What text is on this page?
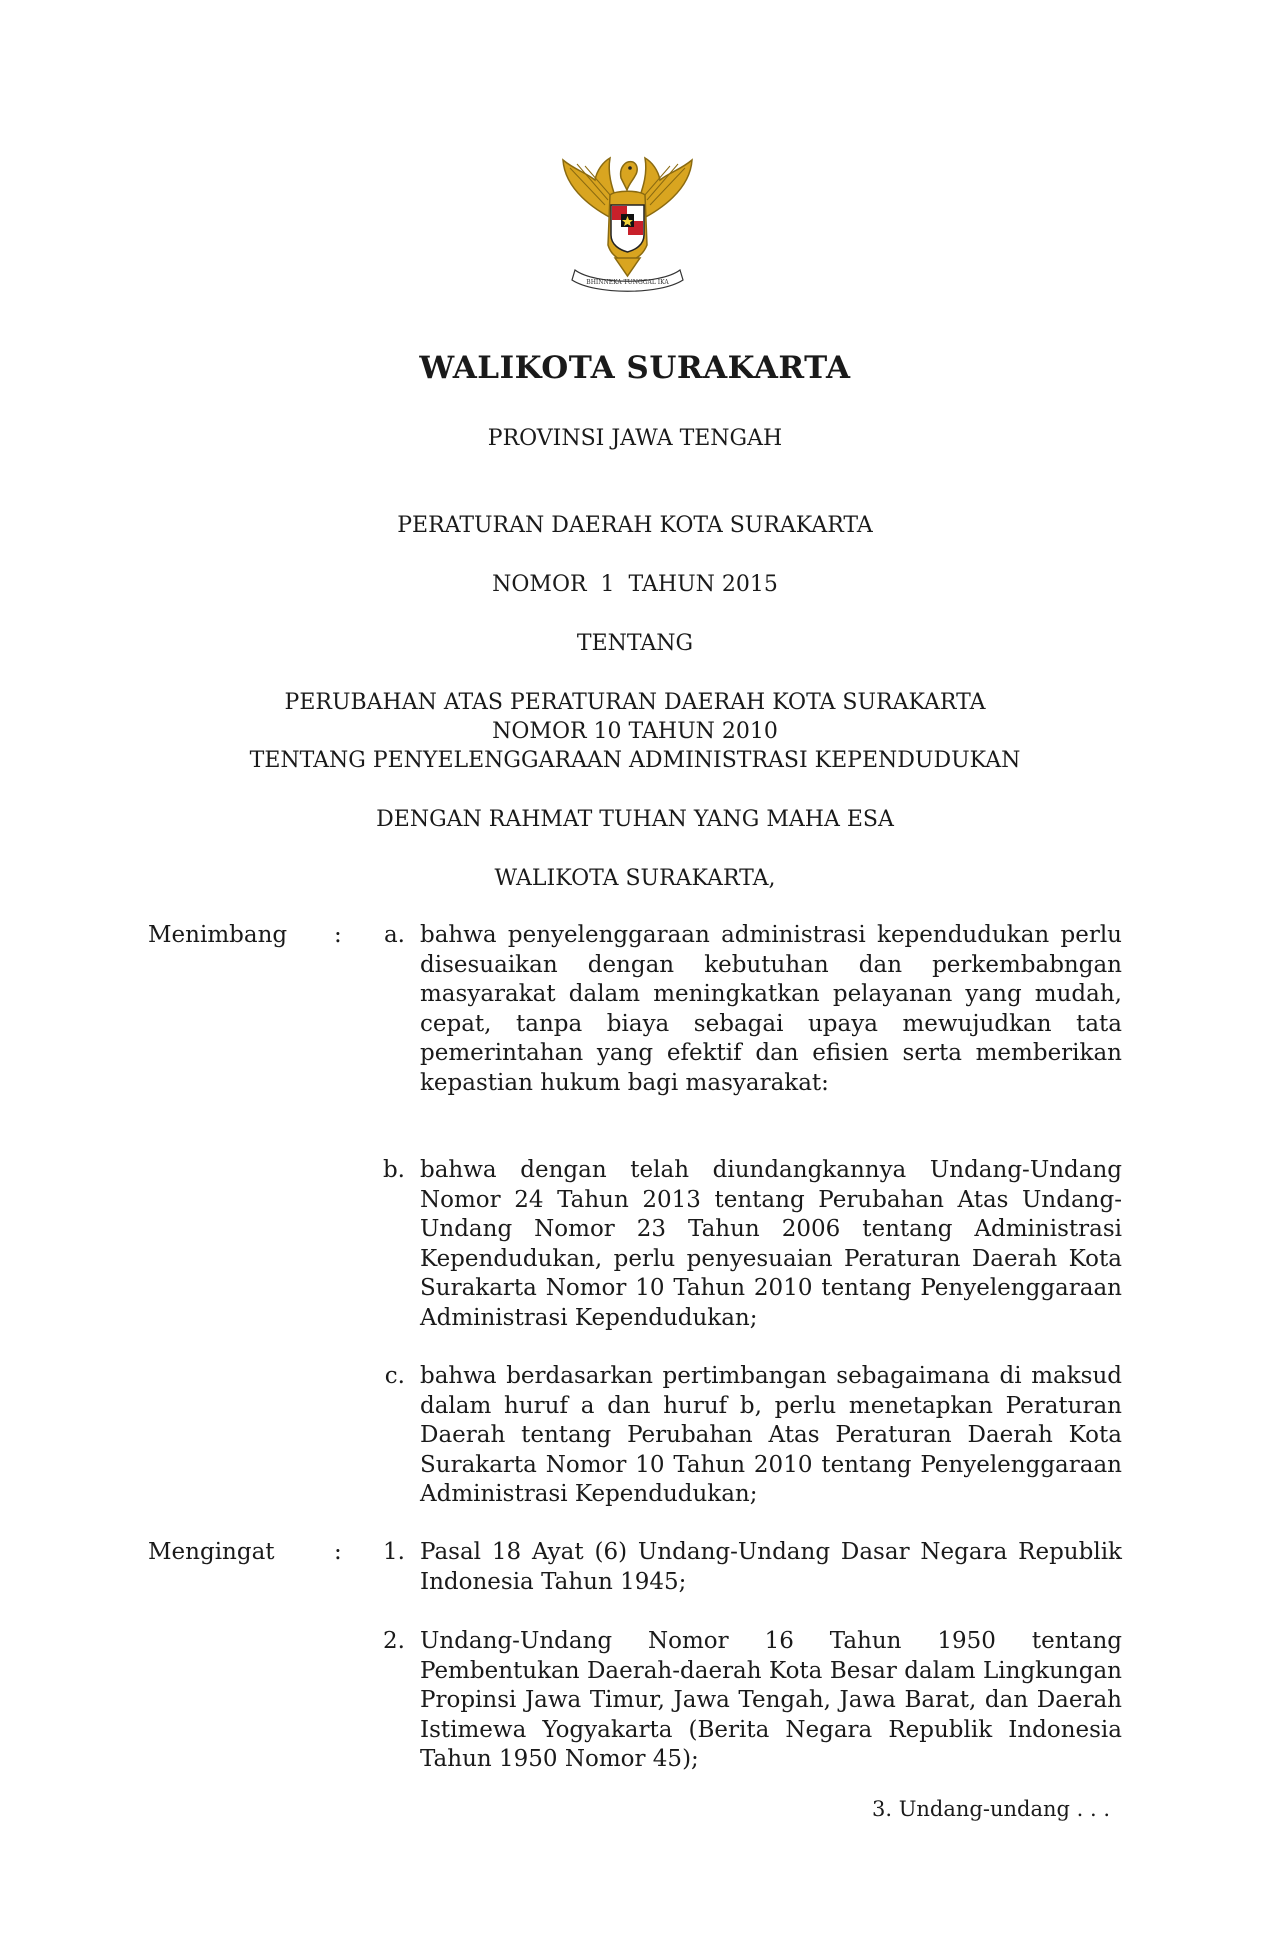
BHINNEKA TUNGGAL IKA
WALIKOTA SURAKARTA
PROVINSI JAWA TENGAH
PERATURAN DAERAH KOTA SURAKARTA
NOMOR  1  TAHUN 2015
TENTANG
PERUBAHAN ATAS PERATURAN DAERAH KOTA SURAKARTA
NOMOR 10 TAHUN 2010
TENTANG PENYELENGGARAAN ADMINISTRASI KEPENDUDUKAN
DENGAN RAHMAT TUHAN YANG MAHA ESA
WALIKOTA SURAKARTA,
Menimbang :	a. bahwa penyelenggaraan administrasi kependudukan perlu disesuaikan dengan kebutuhan dan perkembabngan masyarakat dalam meningkatkan pelayanan yang mudah, cepat, tanpa biaya sebagai upaya mewujudkan tata pemerintahan yang efektif dan efisien serta memberikan kepastian hukum bagi masyarakat:
b. bahwa dengan telah diundangkannya Undang-Undang Nomor 24 Tahun 2013 tentang Perubahan Atas Undang-Undang Nomor 23 Tahun 2006 tentang Administrasi Kependudukan, perlu penyesuaian Peraturan Daerah Kota Surakarta Nomor 10 Tahun 2010 tentang Penyelenggaraan Administrasi Kependudukan;
c. bahwa berdasarkan pertimbangan sebagaimana di maksud dalam huruf a dan huruf b, perlu menetapkan Peraturan Daerah tentang Perubahan Atas Peraturan Daerah Kota Surakarta Nomor 10 Tahun 2010 tentang Penyelenggaraan Administrasi Kependudukan;
Mengingat	:	1. Pasal 18 Ayat (6) Undang-Undang Dasar Negara Republik Indonesia Tahun 1945;
2. Undang-Undang Nomor 16 Tahun 1950 tentang Pembentukan Daerah-daerah Kota Besar dalam Lingkungan Propinsi Jawa Timur, Jawa Tengah, Jawa Barat, dan Daerah Istimewa Yogyakarta (Berita Negara Republik Indonesia Tahun 1950 Nomor 45);
3. Undang-undang . . .
